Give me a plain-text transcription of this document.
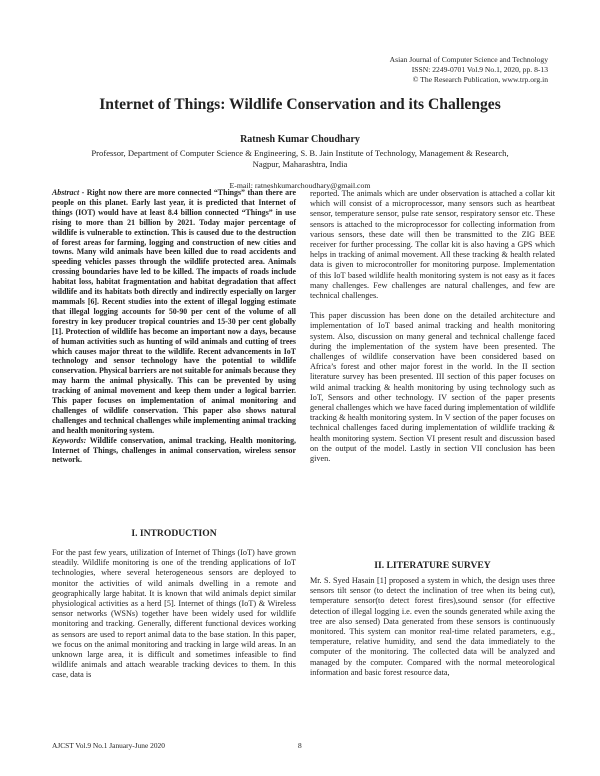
Asian Journal of Computer Science and Technology
ISSN: 2249-0701 Vol.9 No.1, 2020, pp. 8-13
© The Research Publication, www.trp.org.in
Internet of Things: Wildlife Conservation and its Challenges
Ratnesh Kumar Choudhary
Professor, Department of Computer Science & Engineering, S. B. Jain Institute of Technology, Management & Research,
Nagpur, Maharashtra, India
E-mail: ratneshkumarchoudhary@gmail.com

Abstract - Right now there are more connected “Things” than there are people on this planet. Early last year, it is predicted that Internet of things (IOT) would have at least 8.4 billion connected “Things” in use rising to more than 21 billion by 2021. Today major percentage of wildlife is vulnerable to extinction. This is caused due to the destruction of forest areas for farming, logging and construction of new cities and towns. Many wild animals have been killed due to road accidents and speeding vehicles passes through the wildlife protected area. Animals crossing boundaries have led to be killed. The impacts of roads include habitat loss, habitat fragmentation and habitat degradation that affect wildlife and its habitats both directly and indirectly especially on larger mammals [6]. Recent studies into the extent of illegal logging estimate that illegal logging accounts for 50-90 per cent of the volume of all forestry in key producer tropical countries and 15-30 per cent globally [1]. Protection of wildlife has become an important now a days, because of human activities such as hunting of wild animals and cutting of trees which causes major threat to the wildlife. Recent advancements in IoT technology and sensor technology have the potential to wildlife conservation. Physical barriers are not suitable for animals because they may harm the animal physically. This can be prevented by using tracking of animal movement and keep them under a logical barrier. This paper focuses on implementation of animal monitoring and challenges of wildlife conservation. This paper also shows natural challenges and technical challenges while implementing animal tracking and health monitoring system.

Keywords: Wildlife conservation, animal tracking, Health monitoring, Internet of Things, challenges in animal conservation, wireless sensor network.

I. INTRODUCTION

For the past few years, utilization of Internet of Things (IoT) have grown steadily. Wildlife monitoring is one of the trending applications of IoT technologies, where several heterogeneous sensors are deployed to monitor the activities of wild animals dwelling in a remote and geographically large habitat. It is known that wild animals depict similar physiological activities as a herd [5]. Internet of things (IoT) & Wireless sensor networks (WSNs) together have been widely used for wildlife monitoring and tracking. Generally, different functional devices working as sensors are used to report animal data to the base station. In this paper, we focus on the animal monitoring and tracking in large wild areas. In an unknown large area, it is difficult and sometimes infeasible to find wildlife animals and attach wearable tracking devices to them. In this case, data is

reported. The animals which are under observation is attached a collar kit which will consist of a microprocessor, many sensors such as heartbeat sensor, temperature sensor, pulse rate sensor, respiratory sensor etc. These sensors is attached to the microprocessor for collecting information from various sensors, these date will then be transmitted to the ZIG BEE receiver for further processing. The collar kit is also having a GPS which helps in tracking of animal movement. All these tracking & health related data is given to microcontroller for monitoring purpose. Implementation of this IoT based wildlife health monitoring system is not easy as it faces many challenges. Few challenges are natural challenges, and few are technical challenges.

This paper discussion has been done on the detailed architecture and implementation of IoT based animal tracking and health monitoring system. Also, discussion on many general and technical challenge faced during the implementation of the system have been presented. The challenges of wildlife conservation have been considered based on Africa’s forest and other major forest in the world. In the II section literature survey has been presented. III section of this paper focuses on wild animal tracking & health monitoring by using technology such as IoT, Sensors and other technology. IV section of the paper presents general challenges which we have faced during implementation of wildlife tracking & health monitoring system. In V section of the paper focuses on technical challenges faced during implementation of wildlife tracking & health monitoring system. Section VI present result and discussion based on the output of the model. Lastly in section VII conclusion has been given.

II. LITERATURE SURVEY

Mr. S. Syed Hasain [1] proposed a system in which, the design uses three sensors tilt sensor (to detect the inclination of tree when its being cut), temperature sensor(to detect forest fires),sound sensor (for effective detection of illegal logging i.e. even the sounds generated while axing the tree are also sensed) Data generated from these sensors is continuously monitored. This system can monitor real-time related parameters, e.g., temperature, relative humidity, and send the data immediately to the computer of the monitoring. The collected data will be analyzed and managed by the computer. Compared with the normal meteorological information and basic forest resource data,

AJCST Vol.9 No.1 January-June 2020	8
